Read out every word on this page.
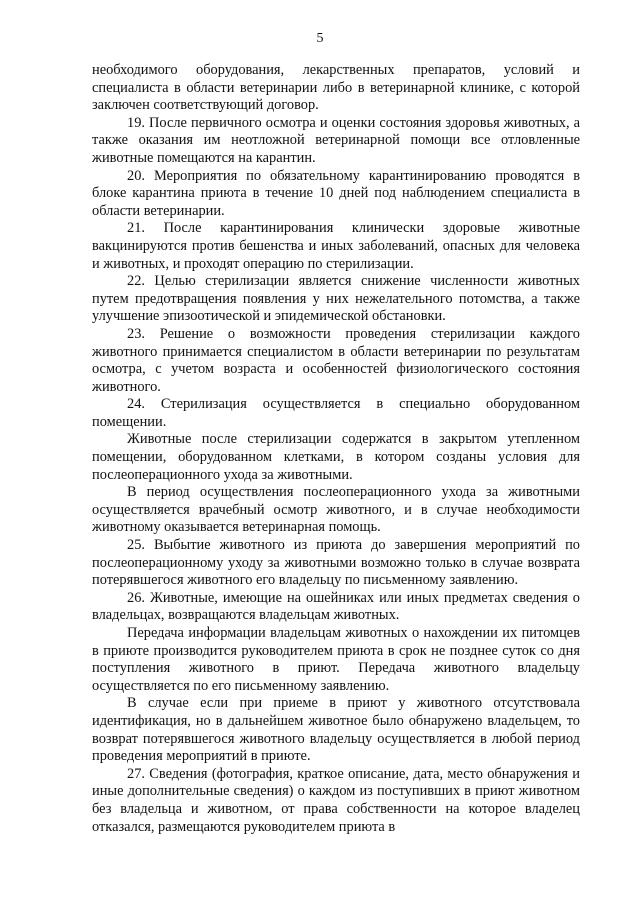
5

необходимого оборудования, лекарственных препаратов, условий и специалиста в области ветеринарии либо в ветеринарной клинике, с которой заключен соответствующий договор.

19. После первичного осмотра и оценки состояния здоровья животных, а также оказания им неотложной ветеринарной помощи все отловленные животные помещаются на карантин.

20. Мероприятия по обязательному карантинированию проводятся в блоке карантина приюта в течение 10 дней под наблюдением специалиста в области ветеринарии.

21. После карантинирования клинически здоровые животные вакцинируются против бешенства и иных заболеваний, опасных для человека и животных, и проходят операцию по стерилизации.

22. Целью стерилизации является снижение численности животных путем предотвращения появления у них нежелательного потомства, а также улучшение эпизоотической и эпидемической обстановки.

23. Решение о возможности проведения стерилизации каждого животного принимается специалистом в области ветеринарии по результатам осмотра, с учетом возраста и особенностей физиологического состояния животного.

24. Стерилизация осуществляется в специально оборудованном помещении.

Животные после стерилизации содержатся в закрытом утепленном помещении, оборудованном клетками, в котором созданы условия для послеоперационного ухода за животными.

В период осуществления послеоперационного ухода за животными осуществляется врачебный осмотр животного, и в случае необходимости животному оказывается ветеринарная помощь.

25. Выбытие животного из приюта до завершения мероприятий по послеоперационному уходу за животными возможно только в случае возврата потерявшегося животного его владельцу по письменному заявлению.

26. Животные, имеющие на ошейниках или иных предметах сведения о владельцах, возвращаются владельцам животных.

Передача информации владельцам животных о нахождении их питомцев в приюте производится руководителем приюта в срок не позднее суток со дня поступления животного в приют. Передача животного владельцу осуществляется по его письменному заявлению.

В случае если при приеме в приют у животного отсутствовала идентификация, но в дальнейшем животное было обнаружено владельцем, то возврат потерявшегося животного владельцу осуществляется в любой период проведения мероприятий в приюте.

27. Сведения (фотография, краткое описание, дата, место обнаружения и иные дополнительные сведения) о каждом из поступивших в приют животном без владельца и животном, от права собственности на которое владелец отказался, размещаются руководителем приюта в
